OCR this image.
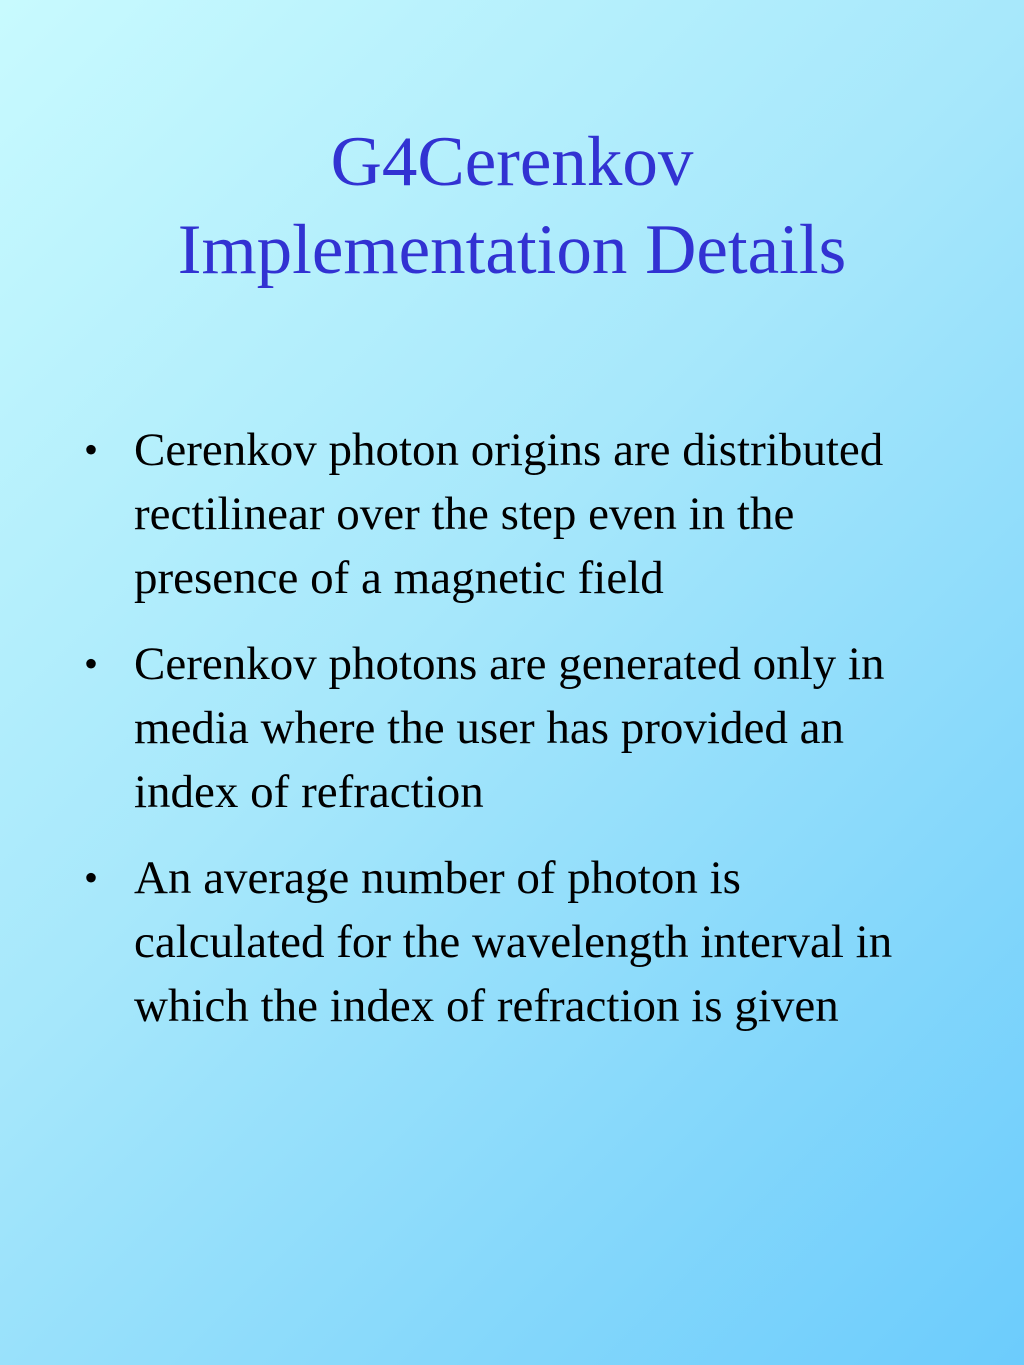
G4Cerenkov
Implementation Details
• Cerenkov photon origins are distributed rectilinear over the step even in the presence of a magnetic field
• Cerenkov photons are generated only in media where the user has provided an index of refraction
• An average number of photon is calculated for the wavelength interval in which the index of refraction is given
